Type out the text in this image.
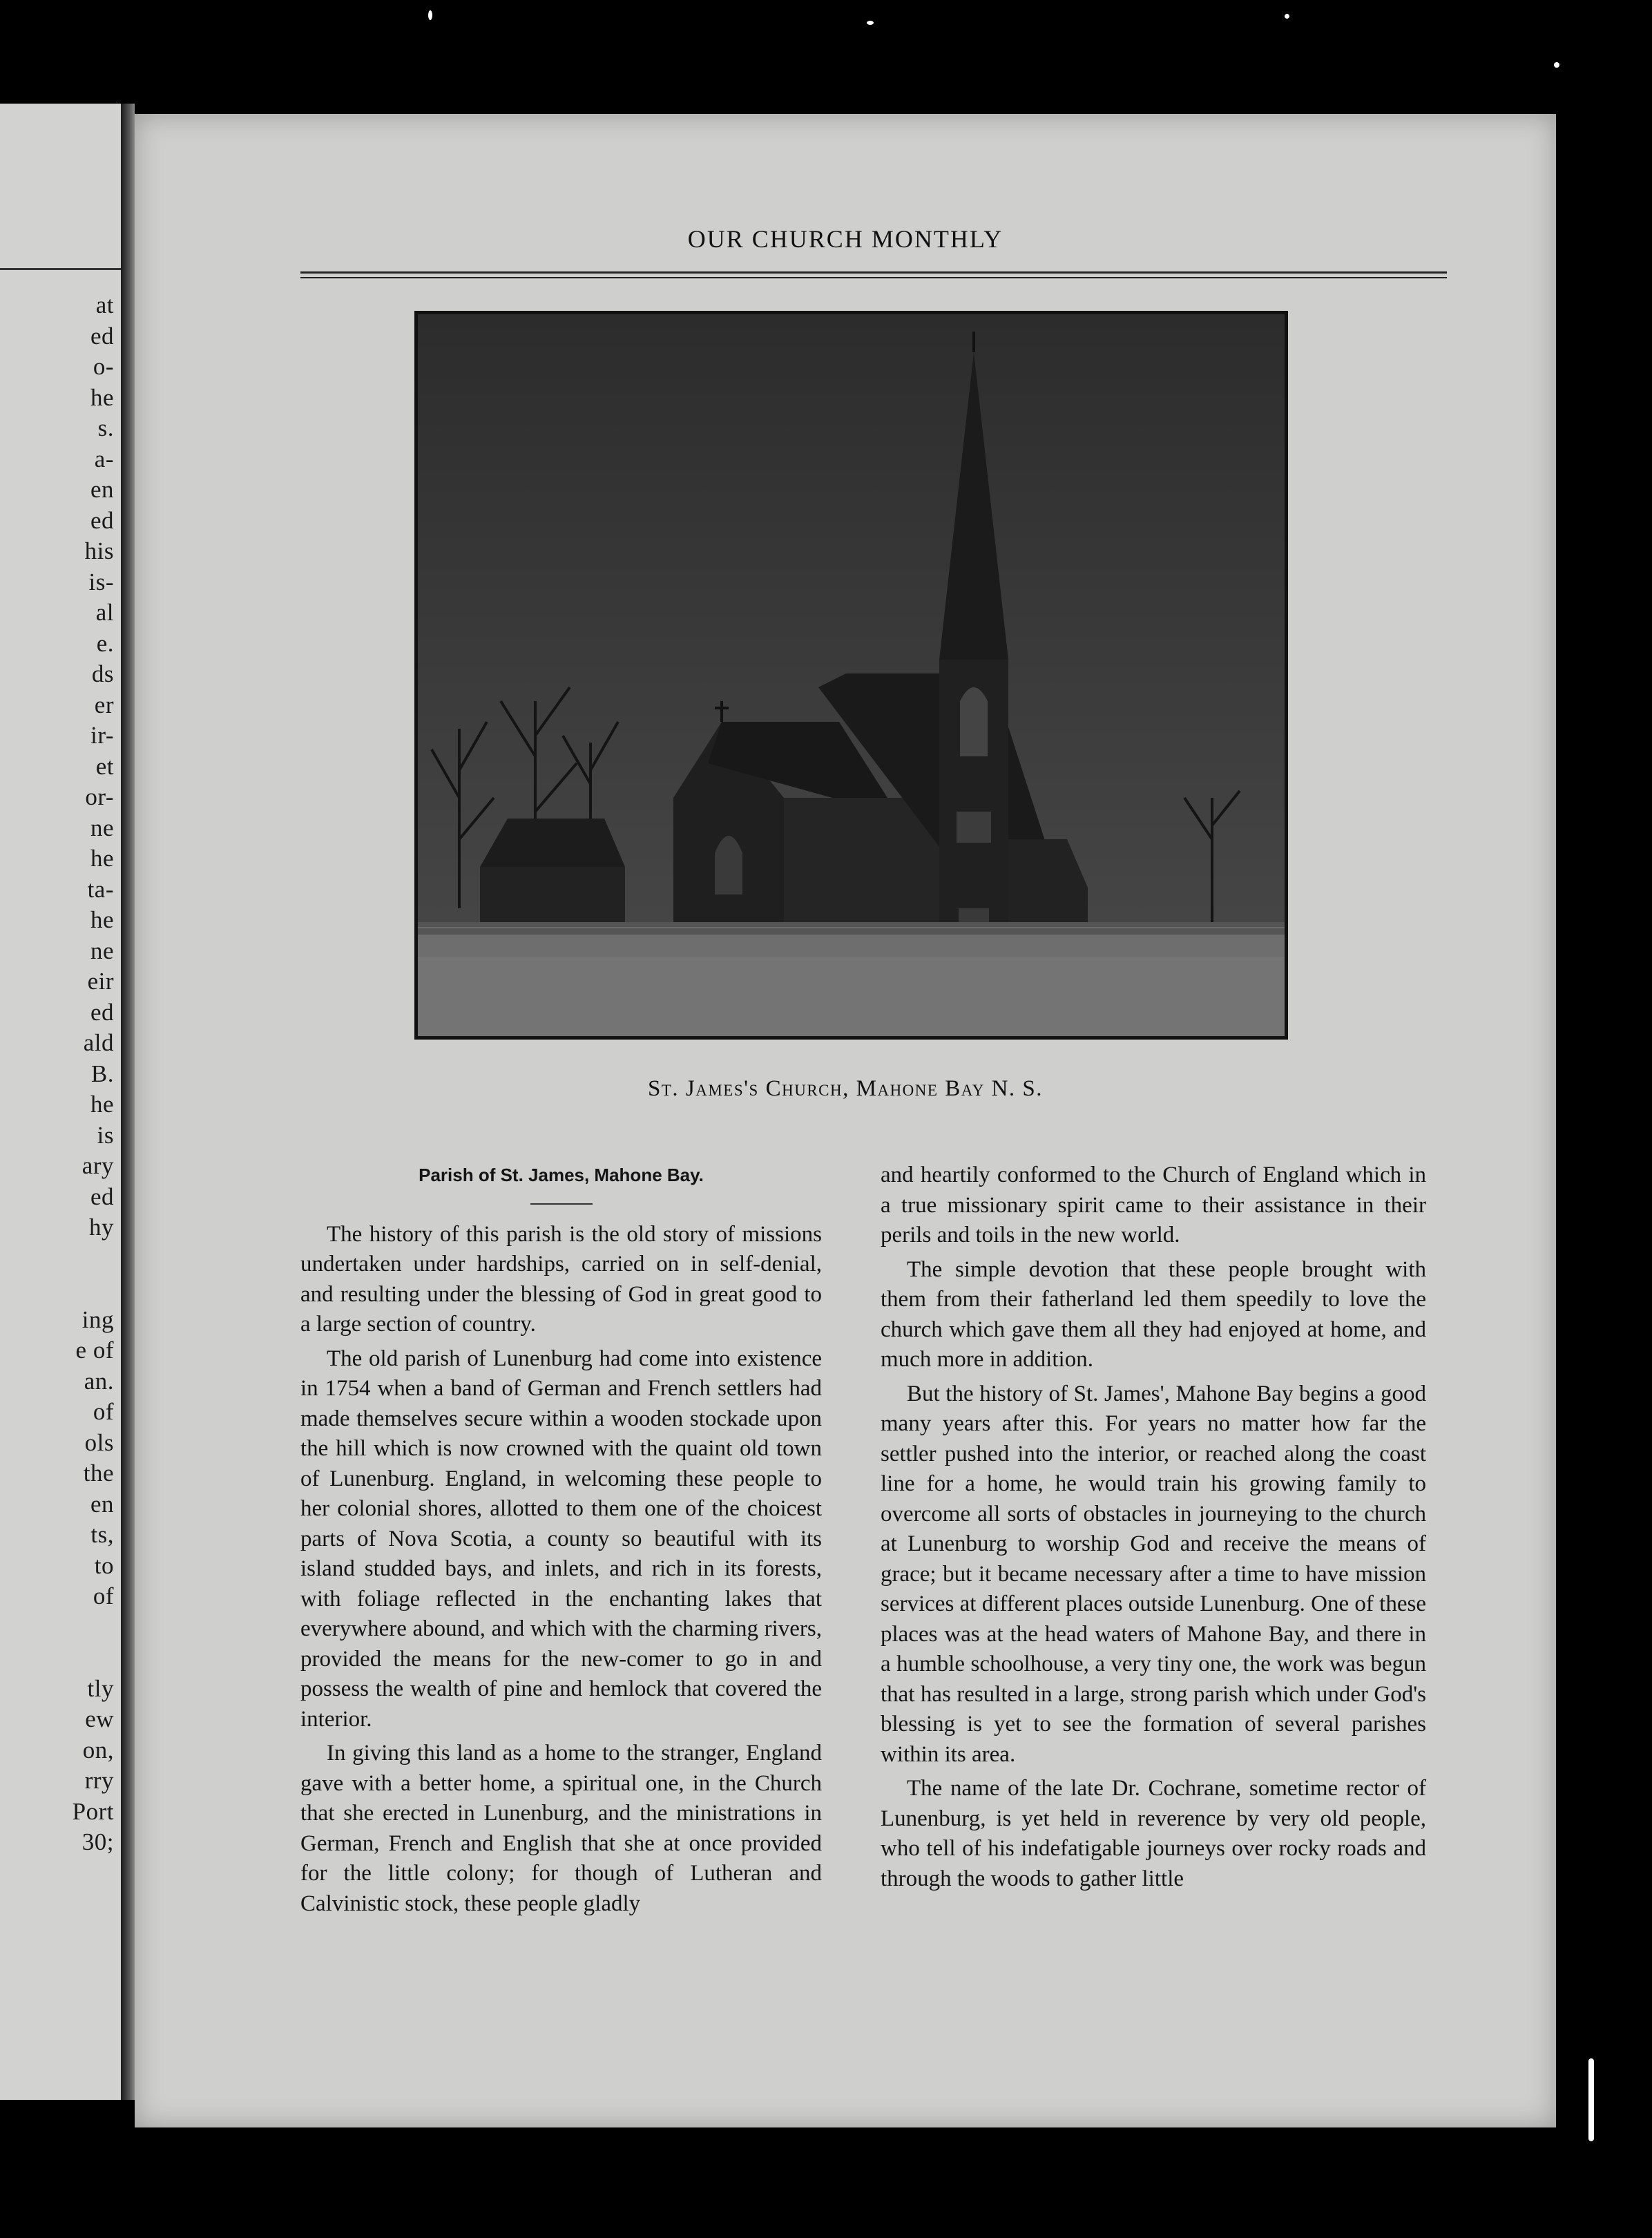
at
ed
o-
he
s.
a-
en
ed
his
is-
al
e.
ds
er
ir-
et
or-
ne
he
ta-
he
ne
eir
ed
ald
B.
he
is
ary
ed
hy

ing
e of
an.
of
ols
the
en
ts,
to
of

tly
ew
on,
rry
Port
30;
OUR CHURCH MONTHLY
St. James's Church, Mahone Bay N. S.
Parish of St. James, Mahone Bay.

The history of this parish is the old story of missions undertaken under hardships, carried on in self-denial, and resulting under the blessing of God in great good to a large section of country.

The old parish of Lunenburg had come into existence in 1754 when a band of German and French settlers had made themselves secure within a wooden stockade upon the hill which is now crowned with the quaint old town of Lunenburg. England, in welcoming these people to her colonial shores, allotted to them one of the choicest parts of Nova Scotia, a county so beautiful with its island studded bays, and inlets, and rich in its forests, with foliage reflected in the enchanting lakes that everywhere abound, and which with the charming rivers, provided the means for the new-comer to go in and possess the wealth of pine and hemlock that covered the interior.

In giving this land as a home to the stranger, England gave with a better home, a spiritual one, in the Church that she erected in Lunenburg, and the ministrations in German, French and English that she at once provided for the little colony; for though of Lutheran and Calvinistic stock, these people gladly

and heartily conformed to the Church of England which in a true missionary spirit came to their assistance in their perils and toils in the new world.

The simple devotion that these people brought with them from their fatherland led them speedily to love the church which gave them all they had enjoyed at home, and much more in addition.

But the history of St. James', Mahone Bay begins a good many years after this. For years no matter how far the settler pushed into the interior, or reached along the coast line for a home, he would train his growing family to overcome all sorts of obstacles in journeying to the church at Lunenburg to worship God and receive the means of grace; but it became necessary after a time to have mission services at different places outside Lunenburg. One of these places was at the head waters of Mahone Bay, and there in a humble schoolhouse, a very tiny one, the work was begun that has resulted in a large, strong parish which under God's blessing is yet to see the formation of several parishes within its area.

The name of the late Dr. Cochrane, sometime rector of Lunenburg, is yet held in reverence by very old people, who tell of his indefatigable journeys over rocky roads and through the woods to gather little
